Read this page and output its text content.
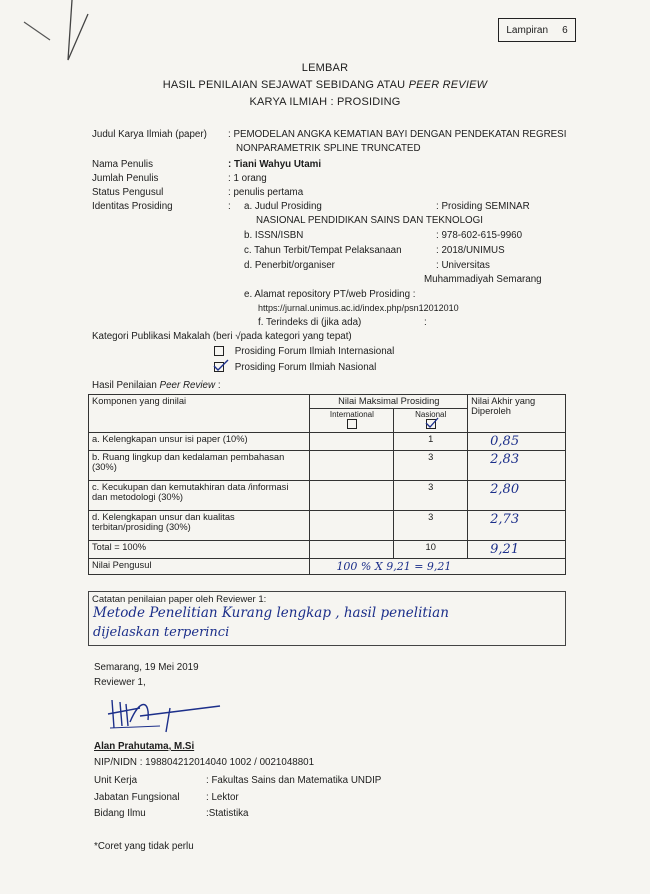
Lampiran 6
LEMBAR
HASIL PENILAIAN SEJAWAT SEBIDANG ATAU PEER REVIEW
KARYA ILMIAH : PROSIDING
Judul Karya Ilmiah (paper) : PEMODELAN ANGKA KEMATIAN BAYI DENGAN PENDEKATAN REGRESI
NONPARAMETRIK SPLINE TRUNCATED
Nama Penulis	: Tiani Wahyu Utami
Jumlah Penulis	: 1 orang
Status Pengusul	: penulis pertama
Identitas Prosiding	: a. Judul Prosiding	: Prosiding SEMINAR
NASIONAL PENDIDIKAN SAINS DAN TEKNOLOGI
b. ISSN/ISBN	: 978-602-615-9960
c. Tahun Terbit/Tempat Pelaksanaan	: 2018/UNIMUS
d. Penerbit/organiser	: Universitas
Muhammadiyah Semarang
e. Alamat repository PT/web Prosiding :
https://jurnal.unimus.ac.id/index.php/psn12012010
f. Terindeks di (jika ada)	:
Kategori Publikasi Makalah (beri √pada kategori yang tepat)
Prosiding Forum Ilmiah Internasional
Prosiding Forum Ilmiah Nasional
Hasil Penilaian Peer Review :
Komponen yang dinilai	Nilai Maksimal Prosiding		Nilai Akhir yang Diperoleh

	International	Nasional	

a. Kelengkapan unsur isi paper (10%)		1	0,85
b. Ruang lingkup dan kedalaman pembahasan (30%)		3	2,83
c. Kecukupan dan kemutakhiran data /informasi dan metodologi (30%)		3	2,80
d. Kelengkapan unsur dan kualitas terbitan/prosiding (30%)		3	2,73
Total = 100%		10	9,21
Nilai Pengusul	100 % X 9,21 = 9,21		
Catatan penilaian paper oleh Reviewer 1:
Metode Penelitian Kurang lengkap , hasil penelitian
dijelaskan terperinci
Semarang, 19 Mei 2019
Reviewer 1,
Alan Prahutama, M.Si
NIP/NIDN : 198804212014040 1002 / 0021048801
Unit Kerja	: Fakultas Sains dan Matematika UNDIP
Jabatan Fungsional	: Lektor
Bidang Ilmu	:Statistika
*Coret yang tidak perlu
